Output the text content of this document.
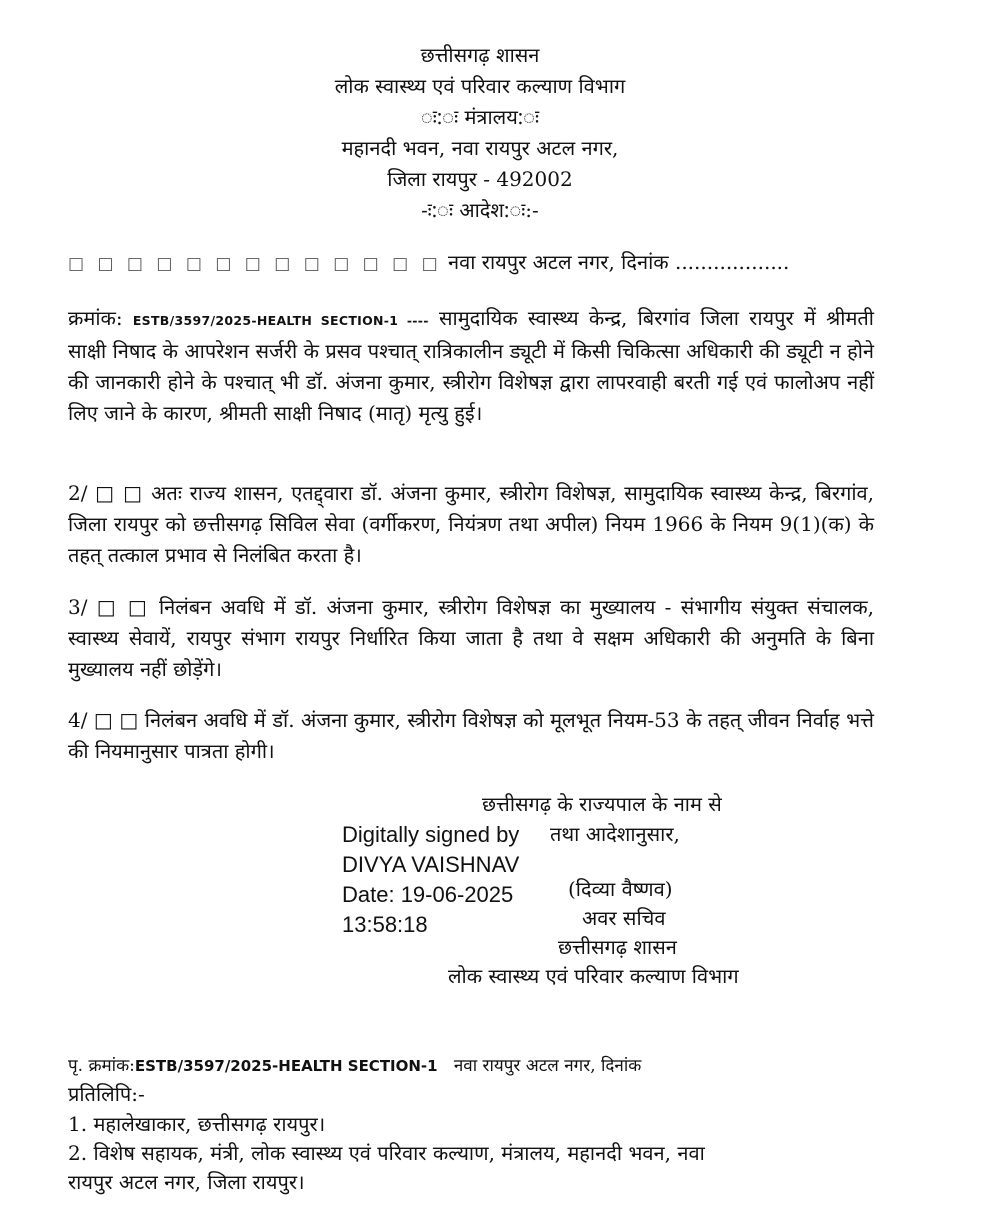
छत्तीसगढ़ शासन
लोक स्वास्थ्य एवं परिवार कल्याण विभाग
ः:ः मंत्रालय:ः
महानदी भवन, नवा रायपुर अटल नगर,
जिला रायपुर - 492002
-ः:ः आदेश:ः:-
□ □ □ □ □ □ □ □ □ □ □ □ □ नवा रायपुर अटल नगर, दिनांक ..................
क्रमांक: ESTB/3597/2025-HEALTH SECTION-1 ---- सामुदायिक स्वास्थ्य केन्द्र, बिरगांव जिला रायपुर में श्रीमती साक्षी निषाद के आपरेशन सर्जरी के प्रसव पश्चात् रात्रिकालीन ड्यूटी में किसी चिकित्सा अधिकारी की ड्यूटी न होने की जानकारी होने के पश्चात् भी डॉ. अंजना कुमार, स्त्रीरोग विशेषज्ञ द्वारा लापरवाही बरती गई एवं फालोअप नहीं लिए जाने के कारण, श्रीमती साक्षी निषाद (मातृ) मृत्यु हुई।
2/ □ □ अतः राज्य शासन, एतद्द्वारा डॉ. अंजना कुमार, स्त्रीरोग विशेषज्ञ, सामुदायिक स्वास्थ्य केन्द्र, बिरगांव, जिला रायपुर को छत्तीसगढ़ सिविल सेवा (वर्गीकरण, नियंत्रण तथा अपील) नियम 1966 के नियम 9(1)(क) के तहत् तत्काल प्रभाव से निलंबित करता है।
3/ □ □ निलंबन अवधि में डॉ. अंजना कुमार, स्त्रीरोग विशेषज्ञ का मुख्यालय - संभागीय संयुक्त संचालक, स्वास्थ्य सेवायें, रायपुर संभाग रायपुर निर्धारित किया जाता है तथा वे सक्षम अधिकारी की अनुमति के बिना मुख्यालय नहीं छोड़ेंगे।
4/ □ □ निलंबन अवधि में डॉ. अंजना कुमार, स्त्रीरोग विशेषज्ञ को मूलभूत नियम-53 के तहत् जीवन निर्वाह भत्ते की नियमानुसार पात्रता होगी।
छत्तीसगढ़ के राज्यपाल के नाम से
तथा आदेशानुसार,
Digitally signed by
DIVYA VAISHNAV
Date: 19-06-2025
13:58:18
(दिव्या वैष्णव)
अवर सचिव
छत्तीसगढ़ शासन
लोक स्वास्थ्य एवं परिवार कल्याण विभाग
पृ. क्रमांक:ESTB/3597/2025-HEALTH SECTION-1 नवा रायपुर अटल नगर, दिनांक
प्रतिलिपि:-
1. महालेखाकार, छत्तीसगढ़ रायपुर।
2. विशेष सहायक, मंत्री, लोक स्वास्थ्य एवं परिवार कल्याण, मंत्रालय, महानदी भवन, नवा
रायपुर अटल नगर, जिला रायपुर।
